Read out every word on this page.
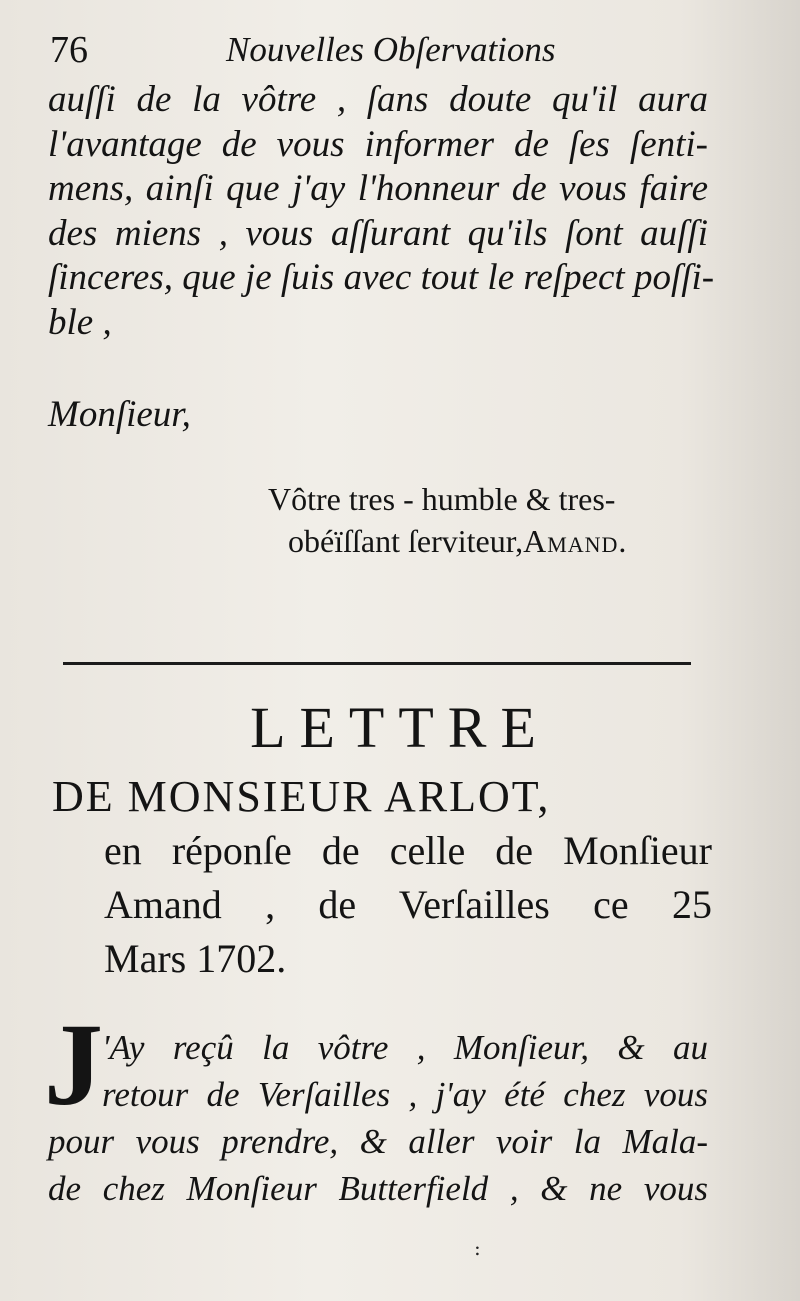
76	Nouvelles Obſervations
auſſi de la vôtre , ſans doute qu'il aura
l'avantage de vous informer de ſes ſenti-
mens, ainſi que j'ay l'honneur de vous faire
des miens , vous aſſurant qu'ils ſont auſſi
ſinceres, que je ſuis avec tout le reſpect poſſi-
ble ,
Monſieur,
Vôtre tres - humble & tres-
obéïſſant ſerviteur,Amand.
LETTRE
DE MONSIEUR ARLOT,
en réponſe de celle de Monſieur
Amand , de Verſailles ce 25
Mars 1702.
J 'Ay reçû la vôtre , Monſieur, & au
retour de Verſailles , j'ay été chez vous
pour vous prendre, & aller voir la Mala-
de chez Monſieur Butterfield , & ne vous
:
